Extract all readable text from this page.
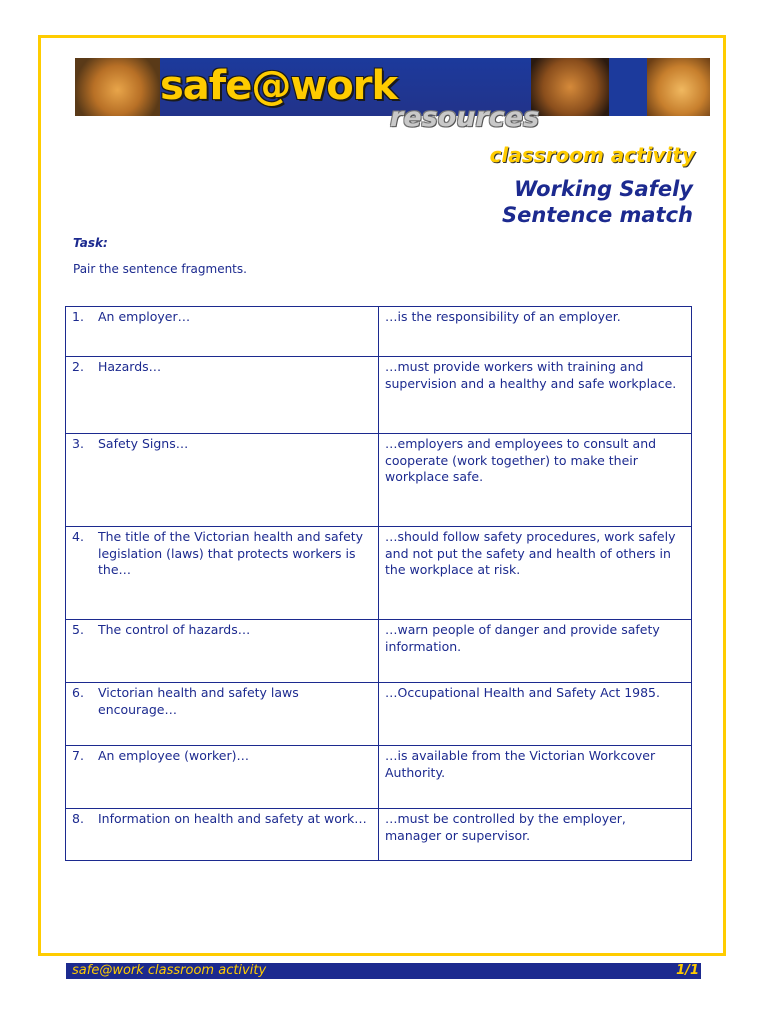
safe@work
resources
classroom activity
Working Safely
Sentence match
Task:
Pair the sentence fragments.
1. An employer…	…is the responsibility of an employer.
2. Hazards…	…must provide workers with training and supervision and a healthy and safe workplace.
3. Safety Signs…	…employers and employees to consult and cooperate (work together) to make their workplace safe.
4. The title of the Victorian health and safety legislation (laws) that protects workers is the…	…should follow safety procedures, work safely and not put the safety and health of others in the workplace at risk.
5. The control of hazards…	…warn people of danger and provide safety information.
6. Victorian health and safety laws encourage…	…Occupational Health and Safety Act 1985.
7. An employee (worker)…	…is available from the Victorian Workcover Authority.
8. Information on health and safety at work…	…must be controlled by the employer, manager or supervisor.
safe@work classroom activity	1/1
